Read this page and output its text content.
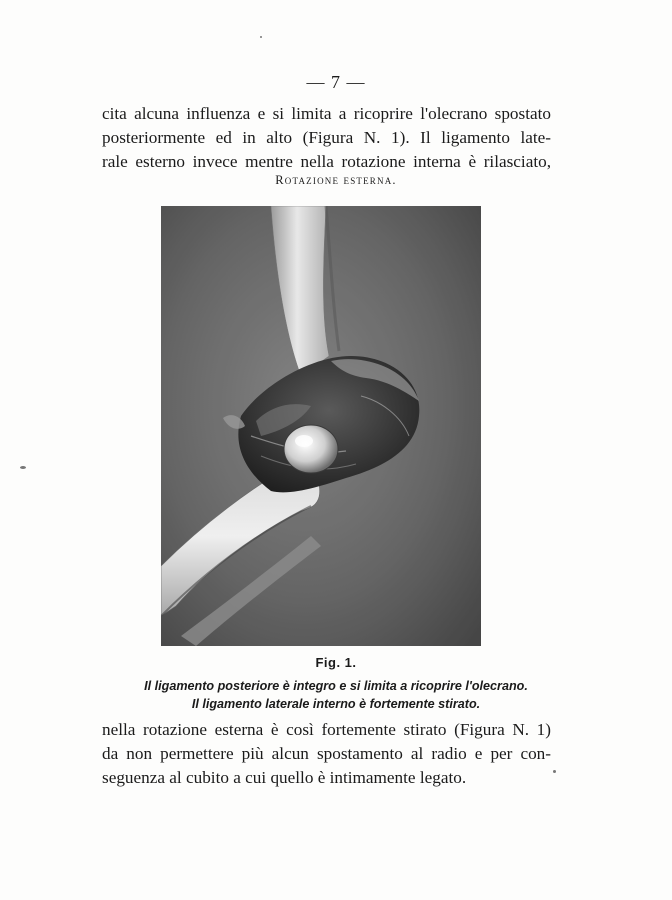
— 7 —
cita alcuna influenza e si limita a ricoprire l'olecrano spostato
posteriormente ed in alto (Figura N. 1). Il ligamento late-
rale esterno invece mentre nella rotazione interna è rilasciato,
Rotazione esterna.
Fig. 1.
Il ligamento posteriore è integro e si limita a ricoprire l'olecrano.
Il ligamento laterale interno è fortemente stirato.
nella rotazione esterna è così fortemente stirato (Figura N. 1)
da non permettere più alcun spostamento al radio e per con-
seguenza al cubito a cui quello è intimamente legato.
